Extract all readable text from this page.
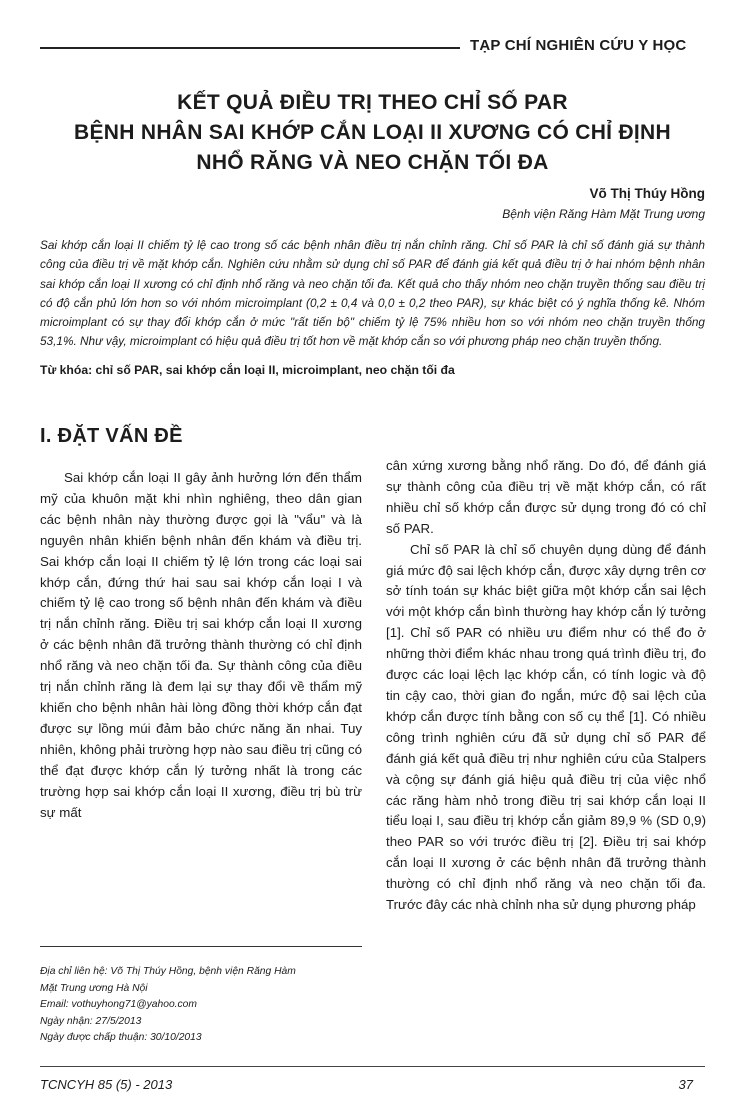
TẠP CHÍ NGHIÊN CỨU Y HỌC
KẾT QUẢ ĐIỀU TRỊ THEO CHỈ SỐ PAR
BỆNH NHÂN SAI KHỚP CẮN LOẠI II XƯƠNG CÓ CHỈ ĐỊNH
NHỔ RĂNG VÀ NEO CHẶN TỐI ĐA
Võ Thị Thúy Hồng
Bệnh viện Răng Hàm Mặt Trung ương

Sai khớp cắn loại II chiếm tỷ lệ cao trong số các bệnh nhân điều trị nắn chỉnh răng. Chỉ số PAR là chỉ số đánh giá sự thành công của điều trị về mặt khớp cắn. Nghiên cứu nhằm sử dụng chỉ số PAR để đánh giá kết quả điều trị ở hai nhóm bệnh nhân sai khớp cắn loại II xương có chỉ định nhổ răng và neo chặn tối đa. Kết quả cho thấy nhóm neo chặn truyền thống sau điều trị có độ cắn phủ lớn hơn so với nhóm microimplant (0,2 ± 0,4 và 0,0 ± 0,2 theo PAR), sự khác biệt có ý nghĩa thống kê. Nhóm microimplant có sự thay đổi khớp cắn ở mức "rất tiến bộ" chiếm tỷ lệ 75% nhiều hơn so với nhóm neo chặn truyền thống 53,1%. Như vậy, microimplant có hiệu quả điều trị tốt hơn về mặt khớp cắn so với phương pháp neo chặn truyền thống.

Từ khóa: chỉ số PAR, sai khớp cắn loại II, microimplant, neo chặn tối đa
I. ĐẶT VẤN ĐỀ

Sai khớp cắn loại II gây ảnh hưởng lớn đến thẩm mỹ của khuôn mặt khi nhìn nghiêng, theo dân gian các bệnh nhân này thường được gọi là "vẩu" và là nguyên nhân khiến bệnh nhân đến khám và điều trị. Sai khớp cắn loại II chiếm tỷ lệ lớn trong các loại sai khớp cắn, đứng thứ hai sau sai khớp cắn loại I và chiếm tỷ lệ cao trong số bệnh nhân đến khám và điều trị nắn chỉnh răng. Điều trị sai khớp cắn loại II xương ở các bệnh nhân đã trưởng thành thường có chỉ định nhổ răng và neo chặn tối đa. Sự thành công của điều trị nắn chỉnh răng là đem lại sự thay đổi về thẩm mỹ khiến cho bệnh nhân hài lòng đồng thời khớp cắn đạt được sự lồng múi đảm bảo chức năng ăn nhai. Tuy nhiên, không phải trường hợp nào sau điều trị cũng có thể đạt được khớp cắn lý tưởng nhất là trong các trường hợp sai khớp cắn loại II xương, điều trị bù trừ sự mất

cân xứng xương bằng nhổ răng. Do đó, để đánh giá sự thành công của điều trị về mặt khớp cắn, có rất nhiều chỉ số khớp cắn được sử dụng trong đó có chỉ số PAR.

Chỉ số PAR là chỉ số chuyên dụng dùng để đánh giá mức độ sai lệch khớp cắn, được xây dựng trên cơ sở tính toán sự khác biệt giữa một khớp cắn sai lệch với một khớp cắn bình thường hay khớp cắn lý tưởng [1]. Chỉ số PAR có nhiều ưu điểm như có thể đo ở những thời điểm khác nhau trong quá trình điều trị, đo được các loại lệch lạc khớp cắn, có tính logic và độ tin cậy cao, thời gian đo ngắn, mức độ sai lệch của khớp cắn được tính bằng con số cụ thể [1]. Có nhiều công trình nghiên cứu đã sử dụng chỉ số PAR để đánh giá kết quả điều trị như nghiên cứu của Stalpers và cộng sự đánh giá hiệu quả điều trị của việc nhổ các răng hàm nhỏ trong điều trị sai khớp cắn loại II tiểu loại I, sau điều trị khớp cắn giảm 89,9 % (SD 0,9) theo PAR so với trước điều trị [2]. Điều trị sai khớp cắn loại II xương ở các bệnh nhân đã trưởng thành thường có chỉ định nhổ răng và neo chặn tối đa. Trước đây các nhà chỉnh nha sử dụng phương pháp

Địa chỉ liên hệ: Võ Thị Thúy Hồng, bệnh viện Răng Hàm
Mặt Trung ương Hà Nội
Email: vothuyhong71@yahoo.com
Ngày nhận: 27/5/2013
Ngày được chấp thuận: 30/10/2013
TCNCYH 85 (5) - 2013	37
